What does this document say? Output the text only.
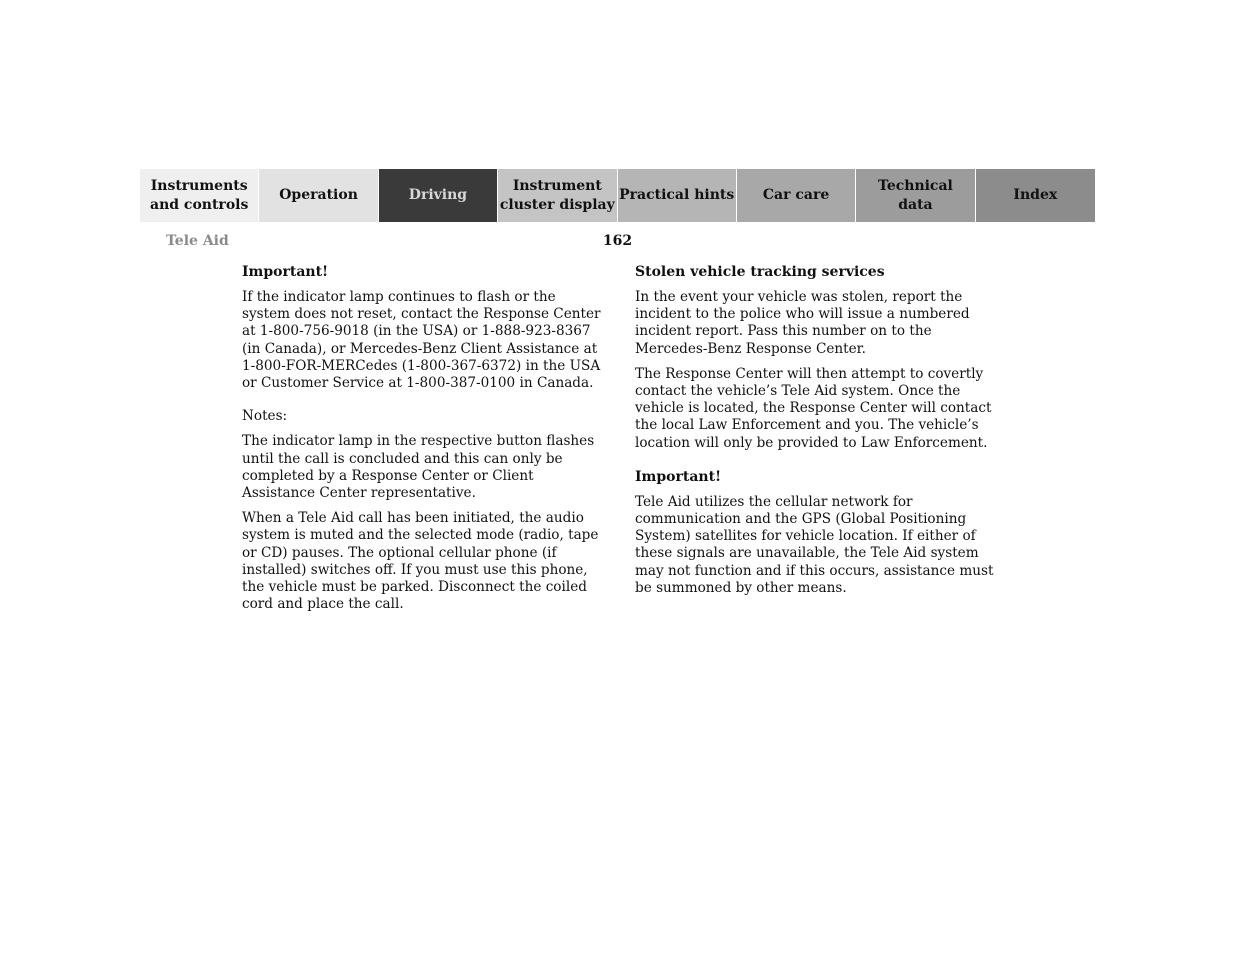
Instruments
and controls
Operation	Driving
Instrument
cluster display
Practical hints	Car care
Technical
data
Index
Tele Aid	162
Important!

If the indicator lamp continues to flash or the system does not reset, contact the Response Center at 1-800-756-9018 (in the USA) or 1-888-923-8367 (in Canada), or Mercedes-Benz Client Assistance at 1-800-FOR-MERCedes (1-800-367-6372) in the USA or Customer Service at 1-800-387-0100 in Canada.

Notes:

The indicator lamp in the respective button flashes until the call is concluded and this can only be completed by a Response Center or Client Assistance Center representative.

When a Tele Aid call has been initiated, the audio system is muted and the selected mode (radio, tape or CD) pauses. The optional cellular phone (if installed) switches off. If you must use this phone, the vehicle must be parked. Disconnect the coiled cord and place the call.

Stolen vehicle tracking services

In the event your vehicle was stolen, report the incident to the police who will issue a numbered incident report. Pass this number on to the Mercedes-Benz Response Center.

The Response Center will then attempt to covertly contact the vehicle’s Tele Aid system. Once the vehicle is located, the Response Center will contact the local Law Enforcement and you. The vehicle’s location will only be provided to Law Enforcement.

Important!

Tele Aid utilizes the cellular network for communication and the GPS (Global Positioning System) satellites for vehicle location. If either of these signals are unavailable, the Tele Aid system may not function and if this occurs, assistance must be summoned by other means.
